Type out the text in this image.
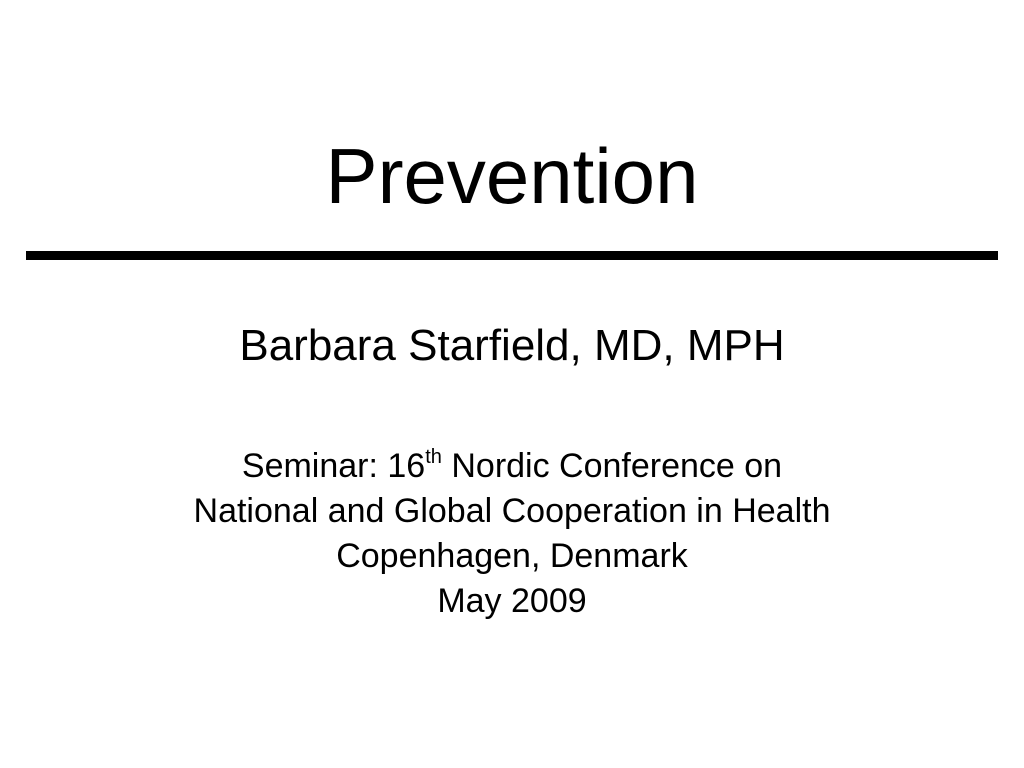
Prevention
Barbara Starfield, MD, MPH
Seminar: 16th Nordic Conference on
National and Global Cooperation in Health
Copenhagen, Denmark
May 2009
